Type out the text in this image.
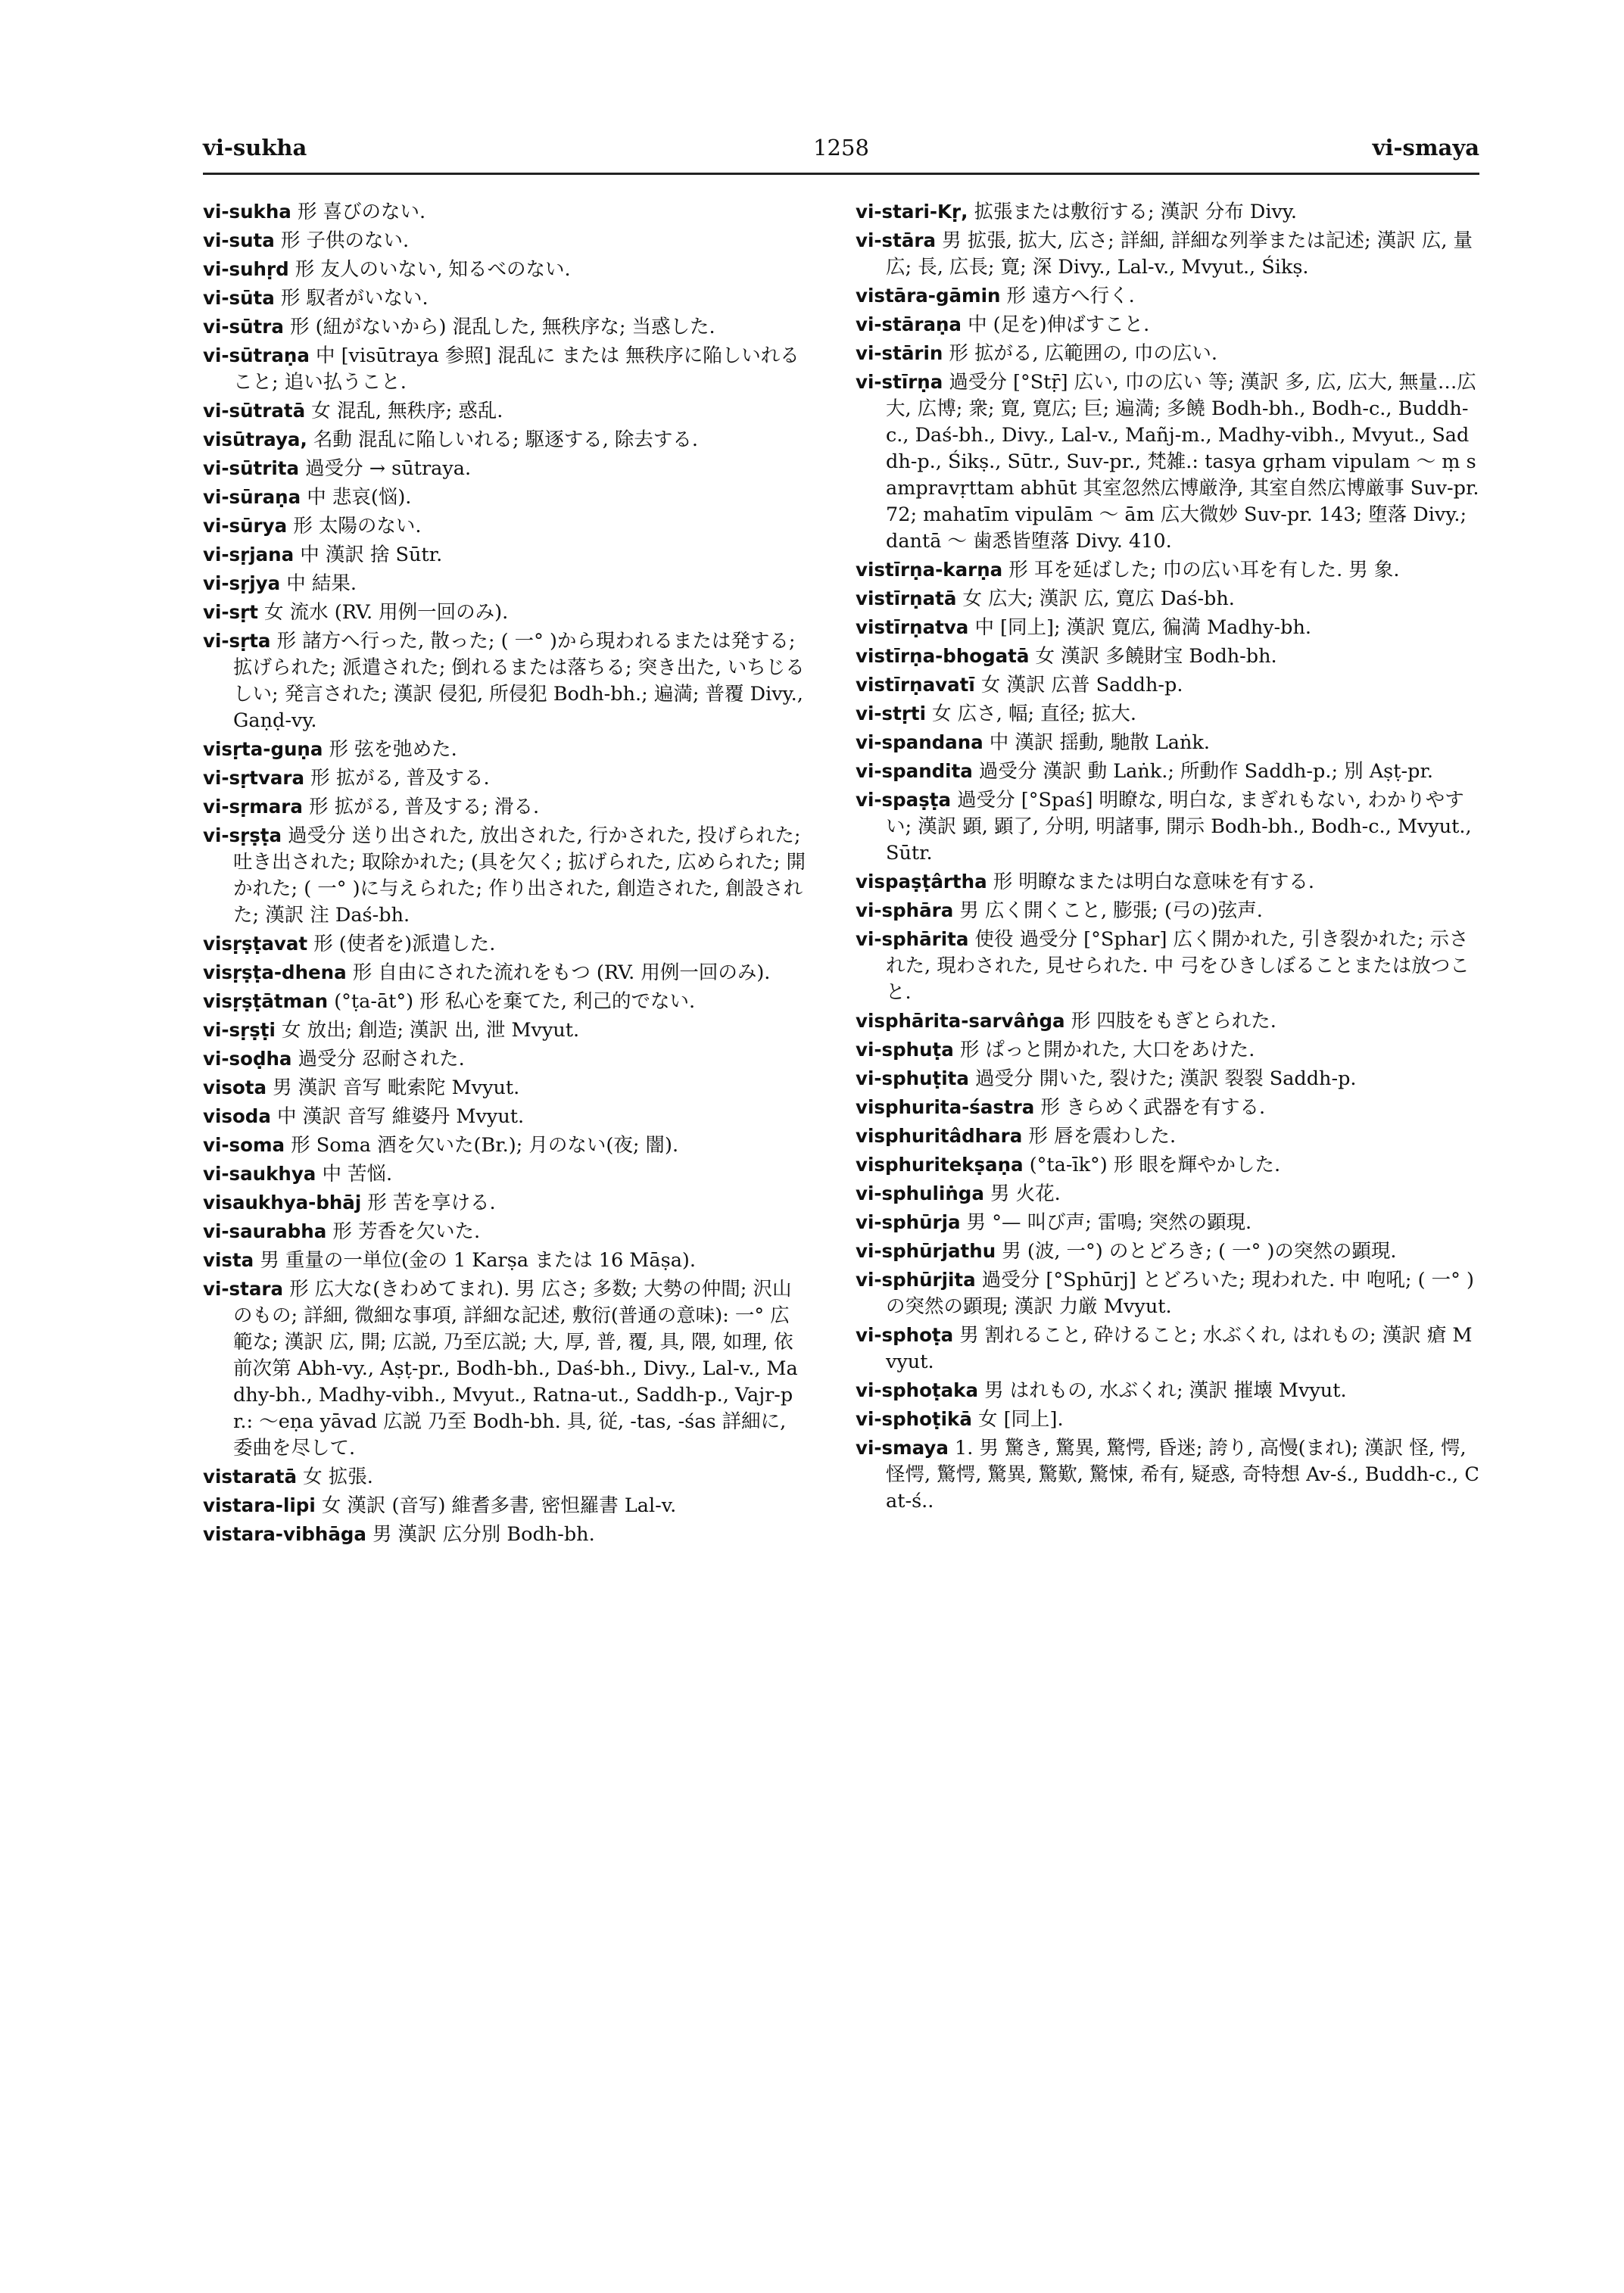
vi-sukha	1258	vi-smaya

vi-sukha 形 喜びのない.

vi-suta 形 子供のない.

vi-suhṛd 形 友人のいない, 知るべのない.

vi-sūta 形 馭者がいない.

vi-sūtra 形 (紐がないから) 混乱した, 無秩序な; 当惑した.

vi-sūtraṇa 中 [visūtraya 参照] 混乱に または 無秩序に陥しいれること; 追い払うこと.

vi-sūtratā 女 混乱, 無秩序; 惑乱.

visūtraya, 名動 混乱に陥しいれる; 駆逐する, 除去する.

vi-sūtrita 過受分 → sūtraya.

vi-sūraṇa 中 悲哀(悩).

vi-sūrya 形 太陽のない.

vi-sṛjana 中 漢訳 捨 Sūtr.

vi-sṛjya 中 結果.

vi-sṛt 女 流水 (RV. 用例一回のみ).

vi-sṛta 形 諸方へ行った, 散った; ( 一° )から現われるまたは発する; 拡げられた; 派遣された; 倒れるまたは落ちる; 突き出た, いちじるしい; 発言された; 漢訳 侵犯, 所侵犯 Bodh-bh.; 遍満; 普覆 Divy., Gaṇḍ-vy.

visṛta-guṇa 形 弦を弛めた.

vi-sṛtvara 形 拡がる, 普及する.

vi-sṛmara 形 拡がる, 普及する; 滑る.

vi-sṛṣṭa 過受分 送り出された, 放出された, 行かされた, 投げられた; 吐き出された; 取除かれた; (具を欠く; 拡げられた, 広められた; 開かれた; ( 一° )に与えられた; 作り出された, 創造された, 創設された; 漢訳 注 Daś-bh.

visṛṣṭavat 形 (使者を)派遣した.

visṛṣṭa-dhena 形 自由にされた流れをもつ (RV. 用例一回のみ).

visṛṣṭātman (°ṭa-āt°) 形 私心を棄てた, 利己的でない.

vi-sṛṣṭi 女 放出; 創造; 漢訳 出, 泄 Mvyut.

vi-soḍha 過受分 忍耐された.

visota 男 漢訳 音写 毗索陀 Mvyut.

visoda 中 漢訳 音写 維婆丹 Mvyut.

vi-soma 形 Soma 酒を欠いた(Br.); 月のない(夜; 闇).

vi-saukhya 中 苦悩.

visaukhya-bhāj 形 苦を享ける.

vi-saurabha 形 芳香を欠いた.

vista 男 重量の一単位(金の 1 Karṣa または 16 Māṣa).

vi-stara 形 広大な(きわめてまれ). 男 広さ; 多数; 大勢の仲間; 沢山のもの; 詳細, 微細な事項, 詳細な記述, 敷衍(普通の意味): 一° 広範な; 漢訳 広, 開; 広説, 乃至広説; 大, 厚, 普, 覆, 具, 隈, 如理, 依前次第 Abh-vy., Aṣṭ-pr., Bodh-bh., Daś-bh., Divy., Lal-v., Madhy-bh., Madhy-vibh., Mvyut., Ratna-ut., Saddh-p., Vajr-pr.: ～eṇa yāvad 広説 乃至 Bodh-bh. 具, 従, -tas, -śas 詳細に, 委曲を尽して.

vistaratā 女 拡張.

vistara-lipi 女 漢訳 (音写) 維耆多書, 密怛羅書 Lal-v.

vistara-vibhāga 男 漢訳 広分別 Bodh-bh.

vi-stari-Kṛ, 拡張または敷衍する; 漢訳 分布 Divy.

vi-stāra 男 拡張, 拡大, 広さ; 詳細, 詳細な列挙または記述; 漢訳 広, 量広; 長, 広長; 寛; 深 Divy., Lal-v., Mvyut., Śikṣ.

vistāra-gāmin 形 遠方へ行く.

vi-stāraṇa 中 (足を)伸ばすこと.

vi-stārin 形 拡がる, 広範囲の, 巾の広い.

vi-stīrṇa 過受分 [°Stṝ] 広い, 巾の広い 等; 漢訳 多, 広, 広大, 無量…広大, 広博; 衆; 寛, 寛広; 巨; 遍満; 多饒 Bodh-bh., Bodh-c., Buddh-c., Daś-bh., Divy., Lal-v., Mañj-m., Madhy-vibh., Mvyut., Saddh-p., Śikṣ., Sūtr., Suv-pr., 梵雑.: tasya gṛham vipulam ～ ṃ sampravṛttam abhūt 其室忽然広博厳浄, 其室自然広博厳事 Suv-pr. 72; mahatīm vipulām ～ ām 広大微妙 Suv-pr. 143; 堕落 Divy.; dantā ～ 歯悉皆堕落 Divy. 410.

vistīrṇa-karṇa 形 耳を延ばした; 巾の広い耳を有した. 男 象.

vistīrṇatā 女 広大; 漢訳 広, 寛広 Daś-bh.

vistīrṇatva 中 [同上]; 漢訳 寛広, 徧満 Madhy-bh.

vistīrṇa-bhogatā 女 漢訳 多饒財宝 Bodh-bh.

vistīrṇavatī 女 漢訳 広普 Saddh-p.

vi-stṛti 女 広さ, 幅; 直径; 拡大.

vi-spandana 中 漢訳 揺動, 馳散 Laṅk.

vi-spandita 過受分 漢訳 動 Laṅk.; 所動作 Saddh-p.; 別 Aṣṭ-pr.

vi-spaṣṭa 過受分 [°Spaś] 明瞭な, 明白な, まぎれもない, わかりやすい; 漢訳 顕, 顕了, 分明, 明諸事, 開示 Bodh-bh., Bodh-c., Mvyut., Sūtr.

vispaṣṭârtha 形 明瞭なまたは明白な意味を有する.

vi-sphāra 男 広く開くこと, 膨張; (弓の)弦声.

vi-sphārita 使役 過受分 [°Sphar] 広く開かれた, 引き裂かれた; 示された, 現わされた, 見せられた. 中 弓をひきしぼることまたは放つこと.

visphārita-sarvâṅga 形 四肢をもぎとられた.

vi-sphuṭa 形 ぱっと開かれた, 大口をあけた.

vi-sphuṭita 過受分 開いた, 裂けた; 漢訳 裂裂 Saddh-p.

visphurita-śastra 形 きらめく武器を有する.

visphuritâdhara 形 唇を震わした.

visphuritekṣaṇa (°ta-īk°) 形 眼を輝やかした.

vi-sphuliṅga 男 火花.

vi-sphūrja 男 °— 叫び声; 雷鳴; 突然の顕現.

vi-sphūrjathu 男 (波, 一°) のとどろき; ( 一° )の突然の顕現.

vi-sphūrjita 過受分 [°Sphūrj] とどろいた; 現われた. 中 咆吼; ( 一° ) の突然の顕現; 漢訳 力厳 Mvyut.

vi-sphoṭa 男 割れること, 砕けること; 水ぶくれ, はれもの; 漢訳 瘡 Mvyut.

vi-sphoṭaka 男 はれもの, 水ぶくれ; 漢訳 摧壊 Mvyut.

vi-sphoṭikā 女 [同上].

vi-smaya 1. 男 驚き, 驚異, 驚愕, 昏迷; 誇り, 高慢(まれ); 漢訳 怪, 愕, 怪愕, 驚愕, 驚異, 驚歎, 驚悚, 希有, 疑惑, 奇特想 Av-ś., Buddh-c., Cat-ś..
